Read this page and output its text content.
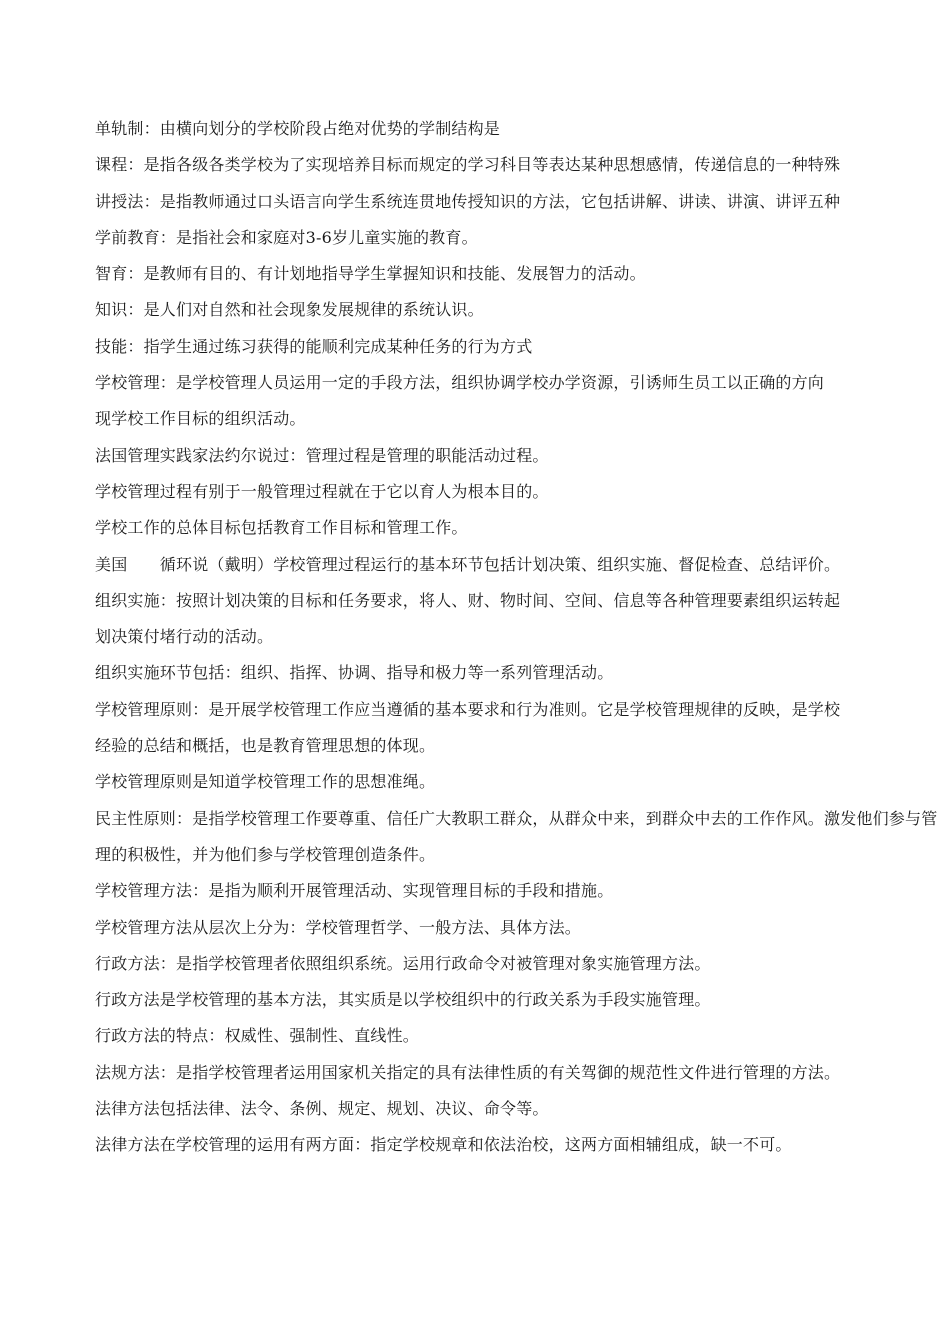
单轨制：由横向划分的学校阶段占绝对优势的学制结构是
课程：是指各级各类学校为了实现培养目标而规定的学习科目等表达某种思想感情，传递信息的一种特殊
讲授法：是指教师通过口头语言向学生系统连贯地传授知识的方法，它包括讲解、讲读、讲演、讲评五种
学前教育：是指社会和家庭对3-6岁儿童实施的教育。
智育：是教师有目的、有计划地指导学生掌握知识和技能、发展智力的活动。
知识：是人们对自然和社会现象发展规律的系统认识。
技能：指学生通过练习获得的能顺利完成某种任务的行为方式
学校管理：是学校管理人员运用一定的手段方法，组织协调学校办学资源，引诱师生员工以正确的方向
现学校工作目标的组织活动。
法国管理实践家法约尔说过：管理过程是管理的职能活动过程。
学校管理过程有别于一般管理过程就在于它以育人为根本目的。
学校工作的总体目标包括教育工作目标和管理工作。
美国　　循环说（戴明）学校管理过程运行的基本环节包括计划决策、组织实施、督促检查、总结评价。
组织实施：按照计划决策的目标和任务要求，将人、财、物时间、空间、信息等各种管理要素组织运转起
划决策付堵行动的活动。
组织实施环节包括：组织、指挥、协调、指导和极力等一系列管理活动。
学校管理原则：是开展学校管理工作应当遵循的基本要求和行为准则。它是学校管理规律的反映，是学校
经验的总结和概括，也是教育管理思想的体现。
学校管理原则是知道学校管理工作的思想准绳。
民主性原则：是指学校管理工作要尊重、信任广大教职工群众，从群众中来，到群众中去的工作作风。激发他们参与管
理的积极性，并为他们参与学校管理创造条件。
学校管理方法：是指为顺利开展管理活动、实现管理目标的手段和措施。
学校管理方法从层次上分为：学校管理哲学、一般方法、具体方法。
行政方法：是指学校管理者依照组织系统。运用行政命令对被管理对象实施管理方法。
行政方法是学校管理的基本方法，其实质是以学校组织中的行政关系为手段实施管理。
行政方法的特点：权威性、强制性、直线性。
法规方法：是指学校管理者运用国家机关指定的具有法律性质的有关驾御的规范性文件进行管理的方法。
法律方法包括法律、法令、条例、规定、规划、决议、命令等。
法律方法在学校管理的运用有两方面：指定学校规章和依法治校，这两方面相辅组成，缺一不可。
